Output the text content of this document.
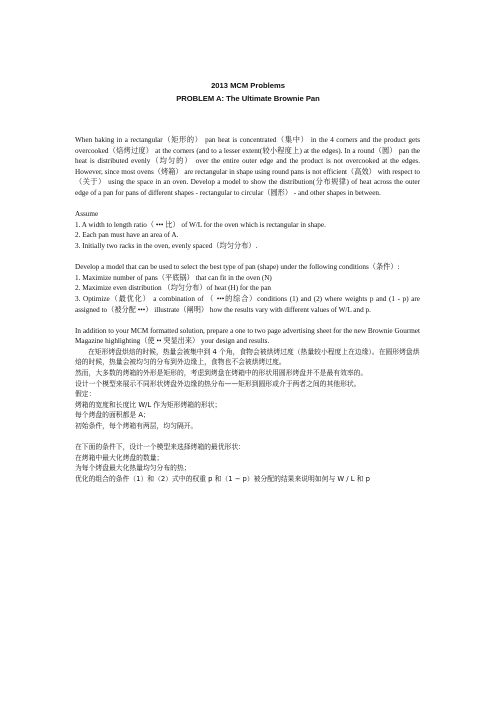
2013 MCM Problems
PROBLEM A: The Ultimate Brownie Pan

When baking in a rectangular（矩形的） pan heat is concentrated（集中） in the 4 corners and the product gets overcooked（焙烤过度） at the corners (and to a lesser extent(较小程度上) at the edges). In a round（圆） pan the heat is distributed evenly（均匀的） over the entire outer edge and the product is not overcooked at the edges. However, since most ovens（烤箱） are rectangular in shape using round pans is not efficient（高效） with respect to（关于） using the space in an oven. Develop a model to show the distribution(分布规律) of heat across the outer edge of a pan for pans of different shapes - rectangular to circular（圆形） - and other shapes in between.

Assume

1. A width to length ratio（ ••• 比） of W/L for the oven which is rectangular in shape.

2. Each pan must have an area of A.

3. Initially two racks in the oven, evenly spaced（均匀分布）.

Develop a model that can be used to select the best type of pan (shape) under the following conditions（条件）:

1. Maximize number of pans（平底锅） that can fit in the oven (N)

2. Maximize even distribution （均匀分布）of heat (H) for the pan

3. Optimize（最优化） a combination of （ •••的综合）conditions (1) and (2) where weights p and (1 - p) are assigned to（被分配 •••） illustrate（阐明） how the results vary with different values of W/L and p.

In addition to your MCM formatted solution, prepare a one to two page advertising sheet for the new Brownie Gourmet Magazine highlighting（使 •• 突显出来） your design and results.

在矩形烤盘烘焙的时候，热量会被集中到 4 个角，食物会被烘烤过度（热量较小程度上在边缘）。在圆形烤盘烘焙的时候，热量会被均匀的分布到外边缘上，食物也不会被烘烤过度。

然而，大多数的烤箱的外形是矩形的，考虑到烤盘在烤箱中的形状用圆形烤盘并不是最有效率的。

设计一个模型来展示不同形状烤盘外边缘的热分布——矩形到圆形或介于两者之间的其他形状。

假定：

烤箱的宽度和长度比 W/L 作为矩形烤箱的形状；

每个烤盘的面积都是 A；

初始条件，每个烤箱有两层，均匀隔开。

在下面的条件下，设计一个模型来选择烤箱的最优形状：

在烤箱中最大化烤盘的数量；

为每个烤盘最大化热量均匀分布的热；

优化的组合的条件（1）和（2）式中的权重 p 和（1 − p）被分配的结果来说明如何与 W / L 和 p
